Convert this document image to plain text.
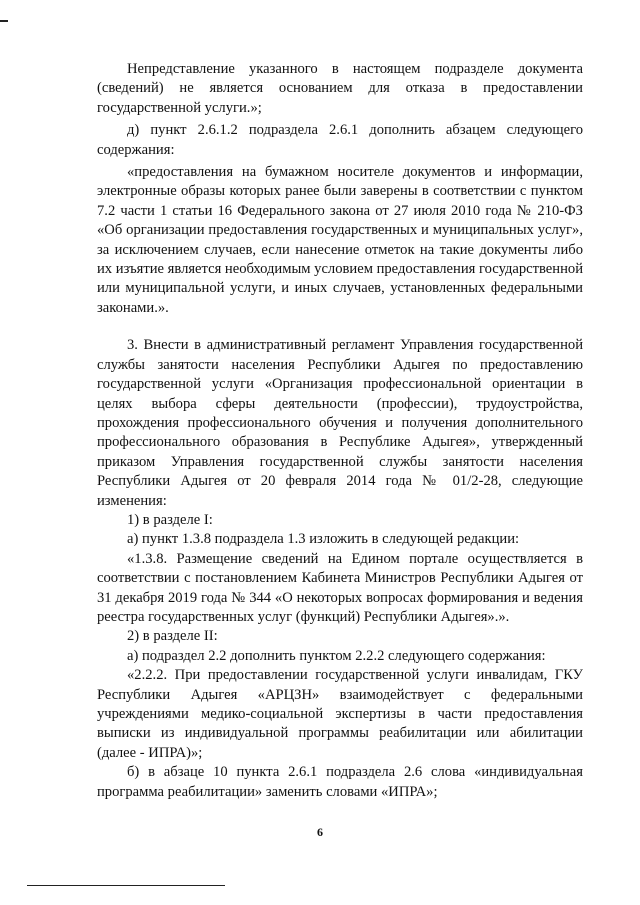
Непредставление указанного в настоящем подразделе документа (сведений) не является основанием для отказа в предоставлении государственной услуги.»;

д) пункт 2.6.1.2 подраздела 2.6.1 дополнить абзацем следующего содержания:

«предоставления на бумажном носителе документов и информации, электронные образы которых ранее были заверены в соответствии с пунктом 7.2 части 1 статьи 16 Федерального закона от 27 июля 2010 года № 210-ФЗ «Об организации предоставления государственных и муниципальных услуг», за исключением случаев, если нанесение отметок на такие документы либо их изъятие является необходимым условием предоставления государственной или муниципальной услуги, и иных случаев, установленных федеральными законами.».

3. Внести в административный регламент Управления государственной службы занятости населения Республики Адыгея по предоставлению государственной услуги «Организация профессиональной ориентации в целях выбора сферы деятельности (профессии), трудоустройства, прохождения профессионального обучения и получения дополнительного профессионального образования в Республике Адыгея», утвержденный приказом Управления государственной службы занятости населения Республики Адыгея от 20 февраля 2014 года № 01/2-28, следующие изменения:

1) в разделе I:

а) пункт 1.3.8 подраздела 1.3 изложить в следующей редакции:

«1.3.8. Размещение сведений на Едином портале осуществляется в соответствии с постановлением Кабинета Министров Республики Адыгея от 31 декабря 2019 года № 344 «О некоторых вопросах формирования и ведения реестра государственных услуг (функций) Республики Адыгея».».

2) в разделе II:

а) подраздел 2.2 дополнить пунктом 2.2.2 следующего содержания:

«2.2.2. При предоставлении государственной услуги инвалидам, ГКУ Республики Адыгея «АРЦЗН» взаимодействует с федеральными учреждениями медико-социальной экспертизы в части предоставления выписки из индивидуальной программы реабилитации или абилитации (далее - ИПРА)»;

б) в абзаце 10 пункта 2.6.1 подраздела 2.6 слова «индивидуальная программа реабилитации» заменить словами «ИПРА»;

6
